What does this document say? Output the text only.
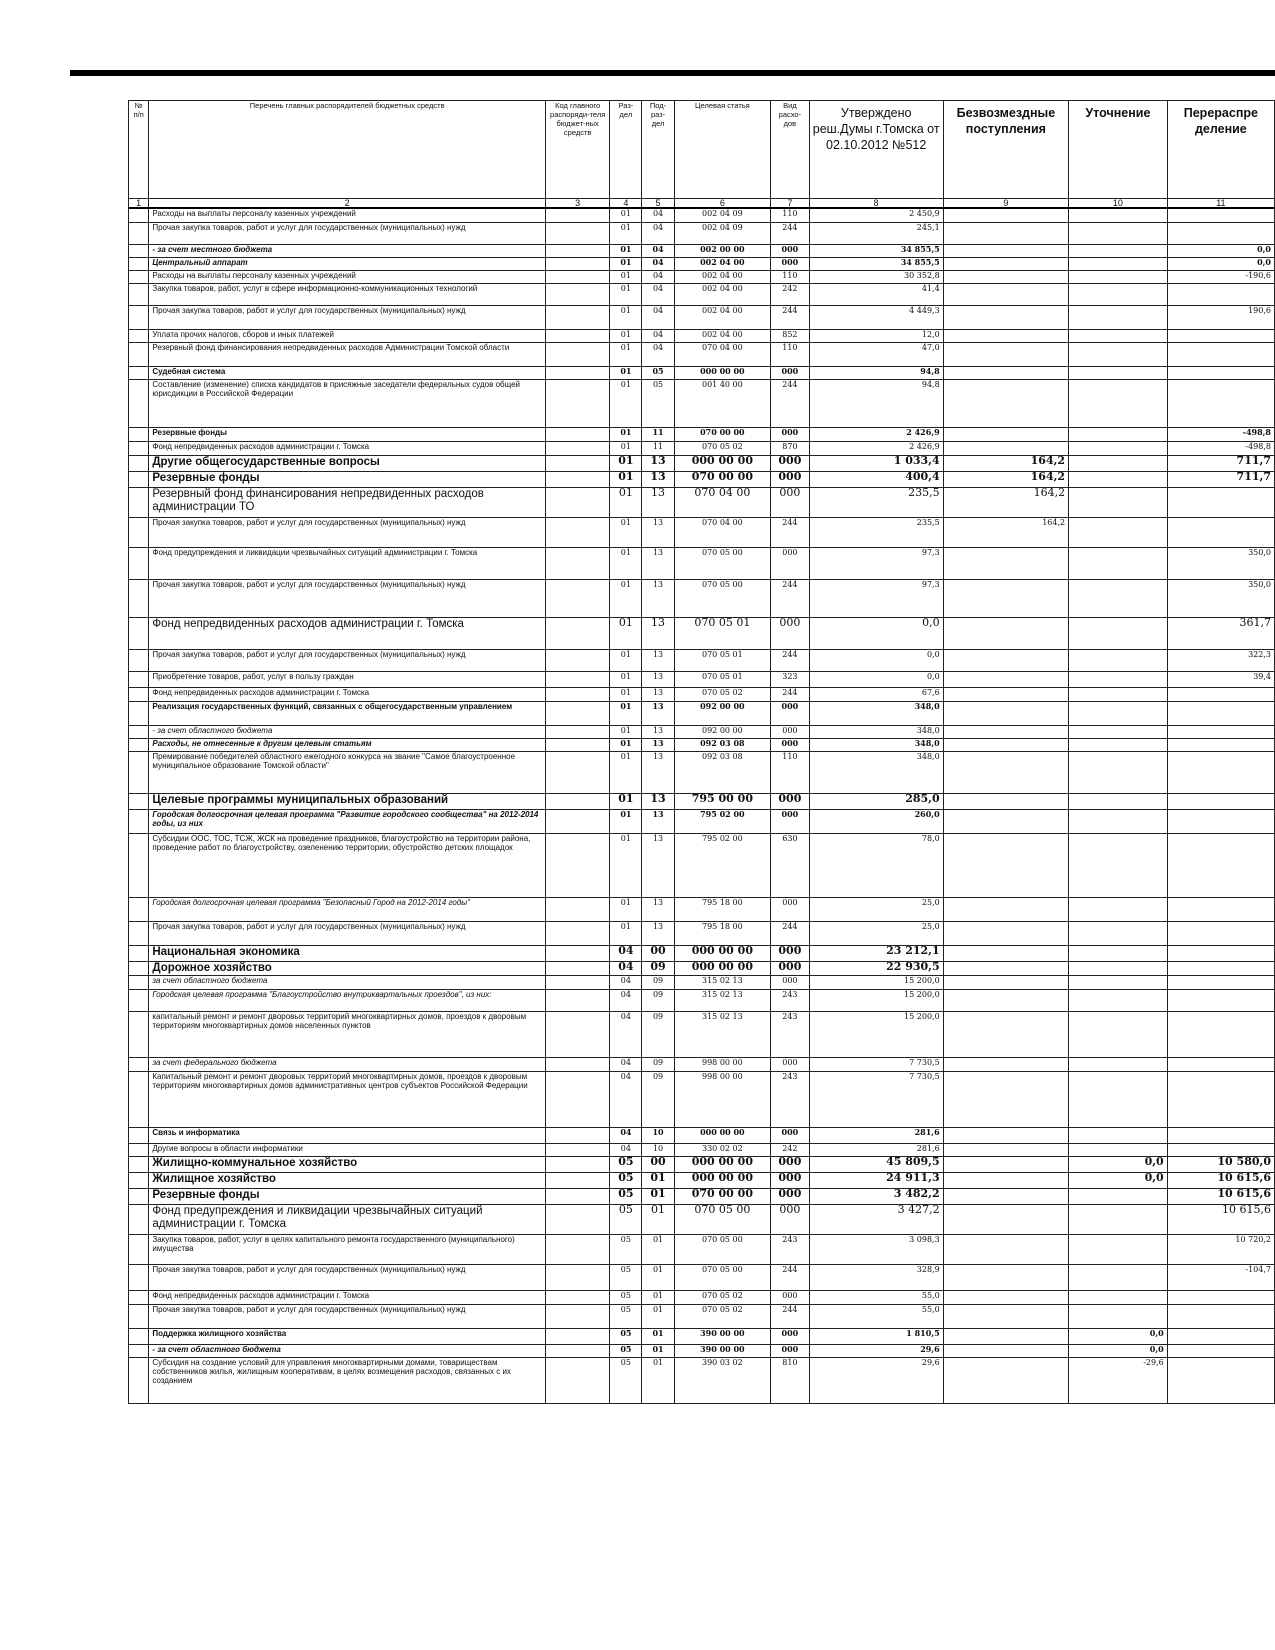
№ п/п	Перечень главных распорядителей бюджетных средств	Код главного распоряди-теля бюджет-ных средств	Раз-дел	Под-раз-дел	Целевая статья	Вид расхо-дов	Утверждено реш.Думы г.Томска от 02.10.2012 №512	Безвозмездные поступления	Уточнение	Перераспре деление
1	2	3	4	5	6	7	8	9	10	11
	Расходы на выплаты персоналу казенных учреждений		01	04	002 04 09	110	2 450,9			
	Прочая закупка товаров, работ и услуг для государственных (муниципальных) нужд		01	04	002 04 09	244	245,1			
	- за счет местного бюджета		01	04	002 00 00	000	34 855,5			0,0
	Центральный аппарат		01	04	002 04 00	000	34 855,5			0,0
	Расходы на выплаты персоналу казенных учреждений		01	04	002 04 00	110	30 352,8			-190,6
	Закупка товаров, работ, услуг в сфере информационно-коммуникационных технологий		01	04	002 04 00	242	41,4			
	Прочая закупка товаров, работ и услуг для государственных (муниципальных) нужд		01	04	002 04 00	244	4 449,3			190,6
	Уплата прочих налогов, сборов и иных платежей		01	04	002 04 00	852	12,0			
	Резервный фонд финансирования непредвиденных расходов Администрации Томской области		01	04	070 04 00	110	47,0			
	Судебная система		01	05	000 00 00	000	94,8			
	Составление (изменение) списка кандидатов в присяжные заседатели федеральных судов общей юрисдикции в Российской Федерации		01	05	001 40 00	244	94,8			
	Резервные фонды		01	11	070 00 00	000	2 426,9			-498,8
	Фонд непредвиденных расходов администрации г. Томска		01	11	070 05 02	870	2 426,9			-498,8
	Другие общегосударственные вопросы		01	13	000 00 00	000	1 033,4	164,2		711,7
	Резервные фонды		01	13	070 00 00	000	400,4	164,2		711,7
	Резервный фонд финансирования непредвиденных расходов администрации ТО		01	13	070 04 00	000	235,5	164,2		
	Прочая закупка товаров, работ и услуг для государственных (муниципальных) нужд		01	13	070 04 00	244	235,5	164,2		
	Фонд предупреждения и ликвидации чрезвычайных ситуаций администрации г. Томска		01	13	070 05 00	000	97,3			350,0
	Прочая закупка товаров, работ и услуг для государственных (муниципальных) нужд		01	13	070 05 00	244	97,3			350,0
	Фонд непредвиденных расходов администрации г. Томска		01	13	070 05 01	000	0,0			361,7
	Прочая закупка товаров, работ и услуг для государственных (муниципальных) нужд		01	13	070 05 01	244	0,0			322,3
	Приобретение товаров, работ, услуг в пользу граждан		01	13	070 05 01	323	0,0			39,4
	Фонд непредвиденных расходов администрации г. Томска		01	13	070 05 02	244	67,6			
	Реализация государственных функций, связанных с общегосударственным управлением		01	13	092 00 00	000	348,0			
	- за счет областного бюджета		01	13	092 00 00	000	348,0			
	Расходы, не отнесенные к другим целевым статьям		01	13	092 03 08	000	348,0			
	Премирование победителей областного ежегодного конкурса на звание "Самое благоустроенное муниципальное образование Томской области"		01	13	092 03 08	110	348,0			
	Целевые программы муниципальных образований		01	13	795 00 00	000	285,0			
	Городская долгосрочная целевая программа "Развитие городского сообщества" на 2012-2014 годы, из них		01	13	795 02 00	000	260,0			
	Субсидии ООС, ТОС, ТСЖ, ЖСК на проведение праздников, благоустройство на территории района, проведение работ по благоустройству, озеленению территории, обустройство детских площадок		01	13	795 02 00	630	78,0			
	Городская долгосрочная целевая программа "Безопасный Город на 2012-2014 годы"		01	13	795 18 00	000	25,0			
	Прочая закупка товаров, работ и услуг для государственных (муниципальных) нужд		01	13	795 18 00	244	25,0			
	Национальная экономика		04	00	000 00 00	000	23 212,1			
	Дорожное хозяйство		04	09	000 00 00	000	22 930,5			
	за счет областного бюджета		04	09	315 02 13	000	15 200,0			
	Городская целевая программа "Благоустройство внутриквартальных проездов", из них:		04	09	315 02 13	243	15 200,0			
	капитальный ремонт и ремонт дворовых территорий многоквартирных домов, проездов к дворовым территориям многоквартирных домов населенных пунктов		04	09	315 02 13	243	15 200,0			
	за счет федерального бюджета		04	09	998 00 00	000	7 730,5			
	Капитальный ремонт и ремонт дворовых территорий многоквартирных домов, проездов к дворовым территориям многоквартирных домов административных центров субъектов Российской Федерации		04	09	998 00 00	243	7 730,5			
	Связь и информатика		04	10	000 00 00	000	281,6			
	Другие вопросы в области информатики		04	10	330 02 02	242	281,6			
	Жилищно-коммунальное хозяйство		05	00	000 00 00	000	45 809,5		0,0	10 580,0
	Жилищное хозяйство		05	01	000 00 00	000	24 911,3		0,0	10 615,6
	Резервные фонды		05	01	070 00 00	000	3 482,2			10 615,6
	Фонд предупреждения и ликвидации чрезвычайных ситуаций администрации г. Томска		05	01	070 05 00	000	3 427,2			10 615,6
	Закупка товаров, работ, услуг в целях капитального ремонта государственного (муниципального) имущества		05	01	070 05 00	243	3 098,3			10 720,2
	Прочая закупка товаров, работ и услуг для государственных (муниципальных) нужд		05	01	070 05 00	244	328,9			-104,7
	Фонд непредвиденных расходов администрации г. Томска		05	01	070 05 02	000	55,0			
	Прочая закупка товаров, работ и услуг для государственных (муниципальных) нужд		05	01	070 05 02	244	55,0			
	Поддержка жилищного хозяйства		05	01	390 00 00	000	1 810,5		0,0	
	- за счет областного бюджета		05	01	390 00 00	000	29,6		0,0	
	Субсидия на создание условий для управления многоквартирными домами, товариществам собственников жилья, жилищным кооперативам, в целях возмещения расходов, связанных с их созданием		05	01	390 03 02	810	29,6		-29,6	
